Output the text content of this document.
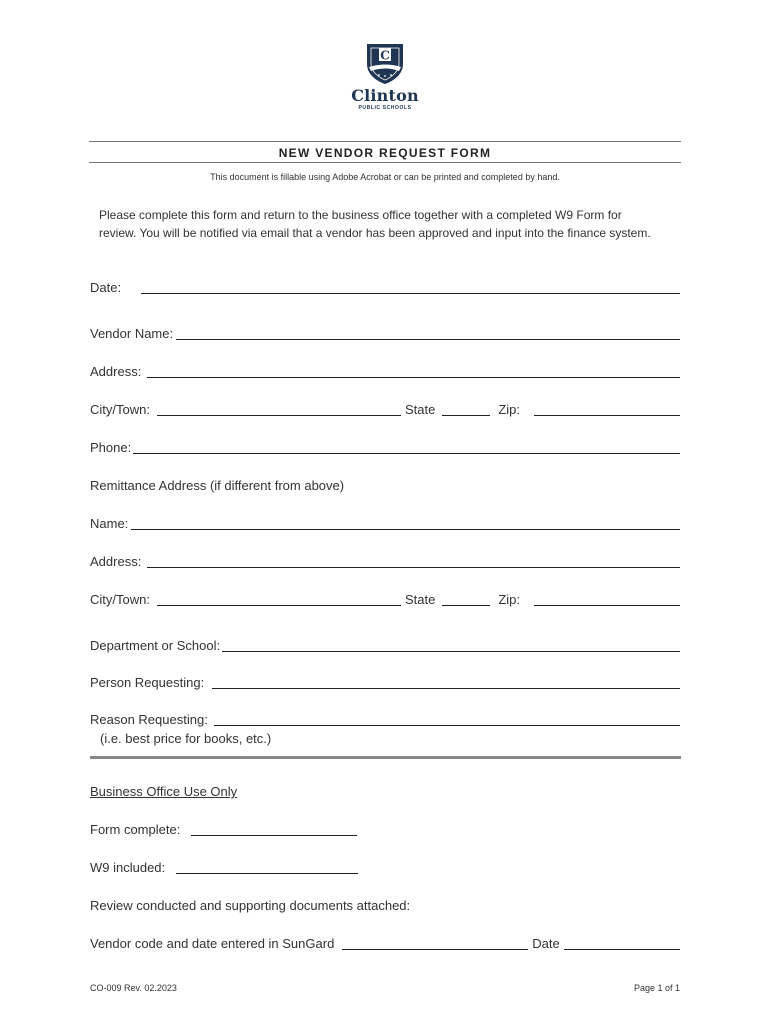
C
Clinton
PUBLIC SCHOOLS
NEW VENDOR REQUEST FORM
This document is fillable using Adobe Acrobat or can be printed and completed by hand.
Please complete this form and return to the business office together with a completed W9 Form for review. You will be notified via email that a vendor has been approved and input into the finance system.
Date:
Vendor Name:
Address:
City/Town:	State	Zip:
Phone:
Remittance Address (if different from above)
Name:
Address:
City/Town:	State	Zip:
Department or School:
Person Requesting:
Reason Requesting:
(i.e. best price for books, etc.)
Business Office Use Only
Form complete:
W9 included:
Review conducted and supporting documents attached:
Vendor code and date entered in SunGard	Date
CO-009 Rev. 02.2023	Page 1 of 1
